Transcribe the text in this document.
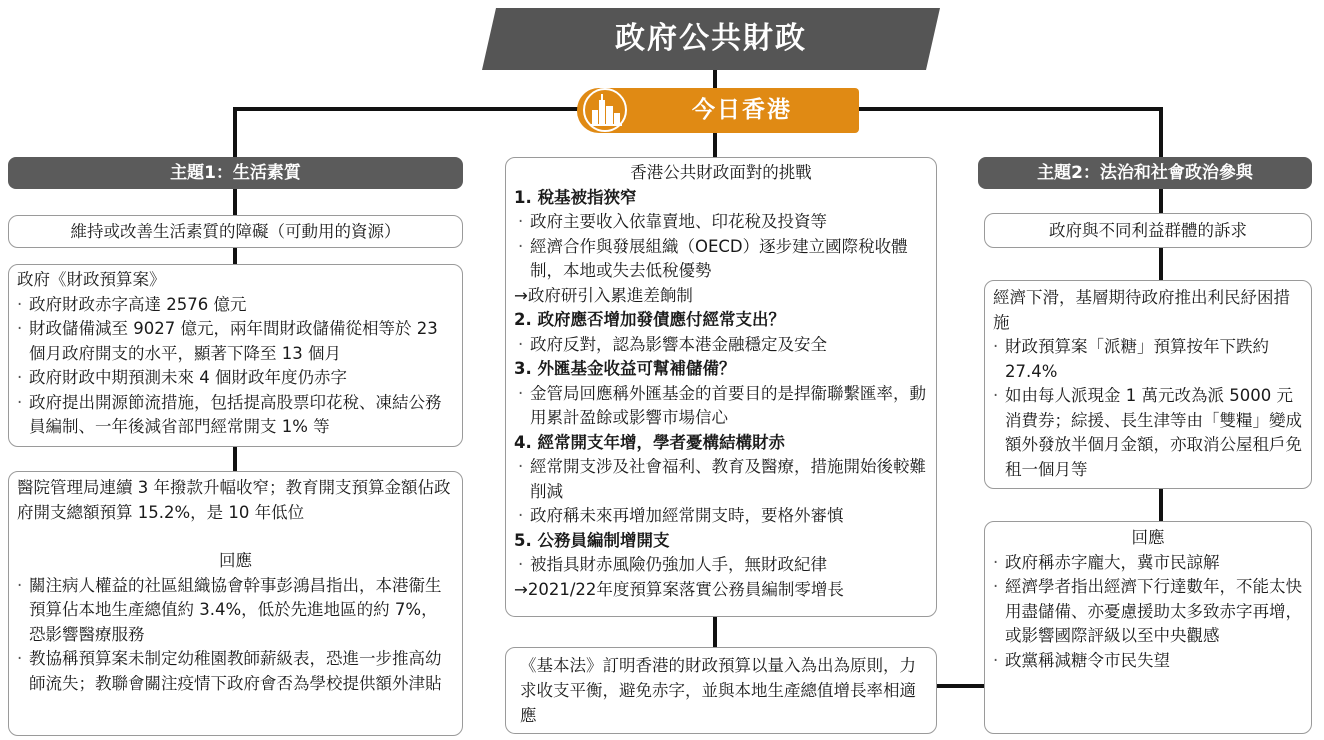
政府公共財政
今日香港
主題1：生活素質
維持或改善生活素質的障礙（可動用的資源）
政府《財政預算案》
· 政府財政赤字高達 2576 億元
· 財政儲備減至 9027 億元，兩年間財政儲備從相等於 23 個月政府開支的水平，顯著下降至 13 個月
· 政府財政中期預測未來 4 個財政年度仍赤字
· 政府提出開源節流措施，包括提高股票印花稅、凍結公務員編制、一年後減省部門經常開支 1% 等
醫院管理局連續 3 年撥款升幅收窄；教育開支預算金額佔政府開支總額預算 15.2%，是 10 年低位
回應
· 關注病人權益的社區組織協會幹事彭鴻昌指出，本港衞生預算佔本地生產總值約 3.4%，低於先進地區的約 7%，恐影響醫療服務
· 教協稱預算案未制定幼稚園教師薪級表，恐進一步推高幼師流失；教聯會關注疫情下政府會否為學校提供額外津貼
香港公共財政面對的挑戰
1. 稅基被指狹窄
· 政府主要收入依靠賣地、印花稅及投資等
· 經濟合作與發展組織（OECD）逐步建立國際稅收體制，本地或失去低稅優勢
→政府研引入累進差餉制
2. 政府應否增加發債應付經常支出？
· 政府反對，認為影響本港金融穩定及安全
3. 外匯基金收益可幫補儲備？
· 金管局回應稱外匯基金的首要目的是捍衞聯繫匯率，動用累計盈餘或影響市場信心
4. 經常開支年增，學者憂構結構財赤
· 經常開支涉及社會福利、教育及醫療，措施開始後較難削減
· 政府稱未來再增加經常開支時，要格外審慎
5. 公務員編制增開支
· 被指具財赤風險仍強加人手，無財政紀律
→2021/22年度預算案落實公務員編制零增長
《基本法》訂明香港的財政預算以量入為出為原則，力求收支平衡，避免赤字，並與本地生產總值增長率相適應
主題2：法治和社會政治參與
政府與不同利益群體的訴求
經濟下滑，基層期待政府推出利民紓困措施
· 財政預算案「派糖」預算按年下跌約 27.4%
· 如由每人派現金 1 萬元改為派 5000 元消費券；綜援、長生津等由「雙糧」變成額外發放半個月金額，亦取消公屋租戶免租一個月等
回應
· 政府稱赤字龐大，冀市民諒解
· 經濟學者指出經濟下行達數年，不能太快用盡儲備、亦憂慮援助太多致赤字再增，或影響國際評級以至中央觀感
· 政黨稱減糖令市民失望
